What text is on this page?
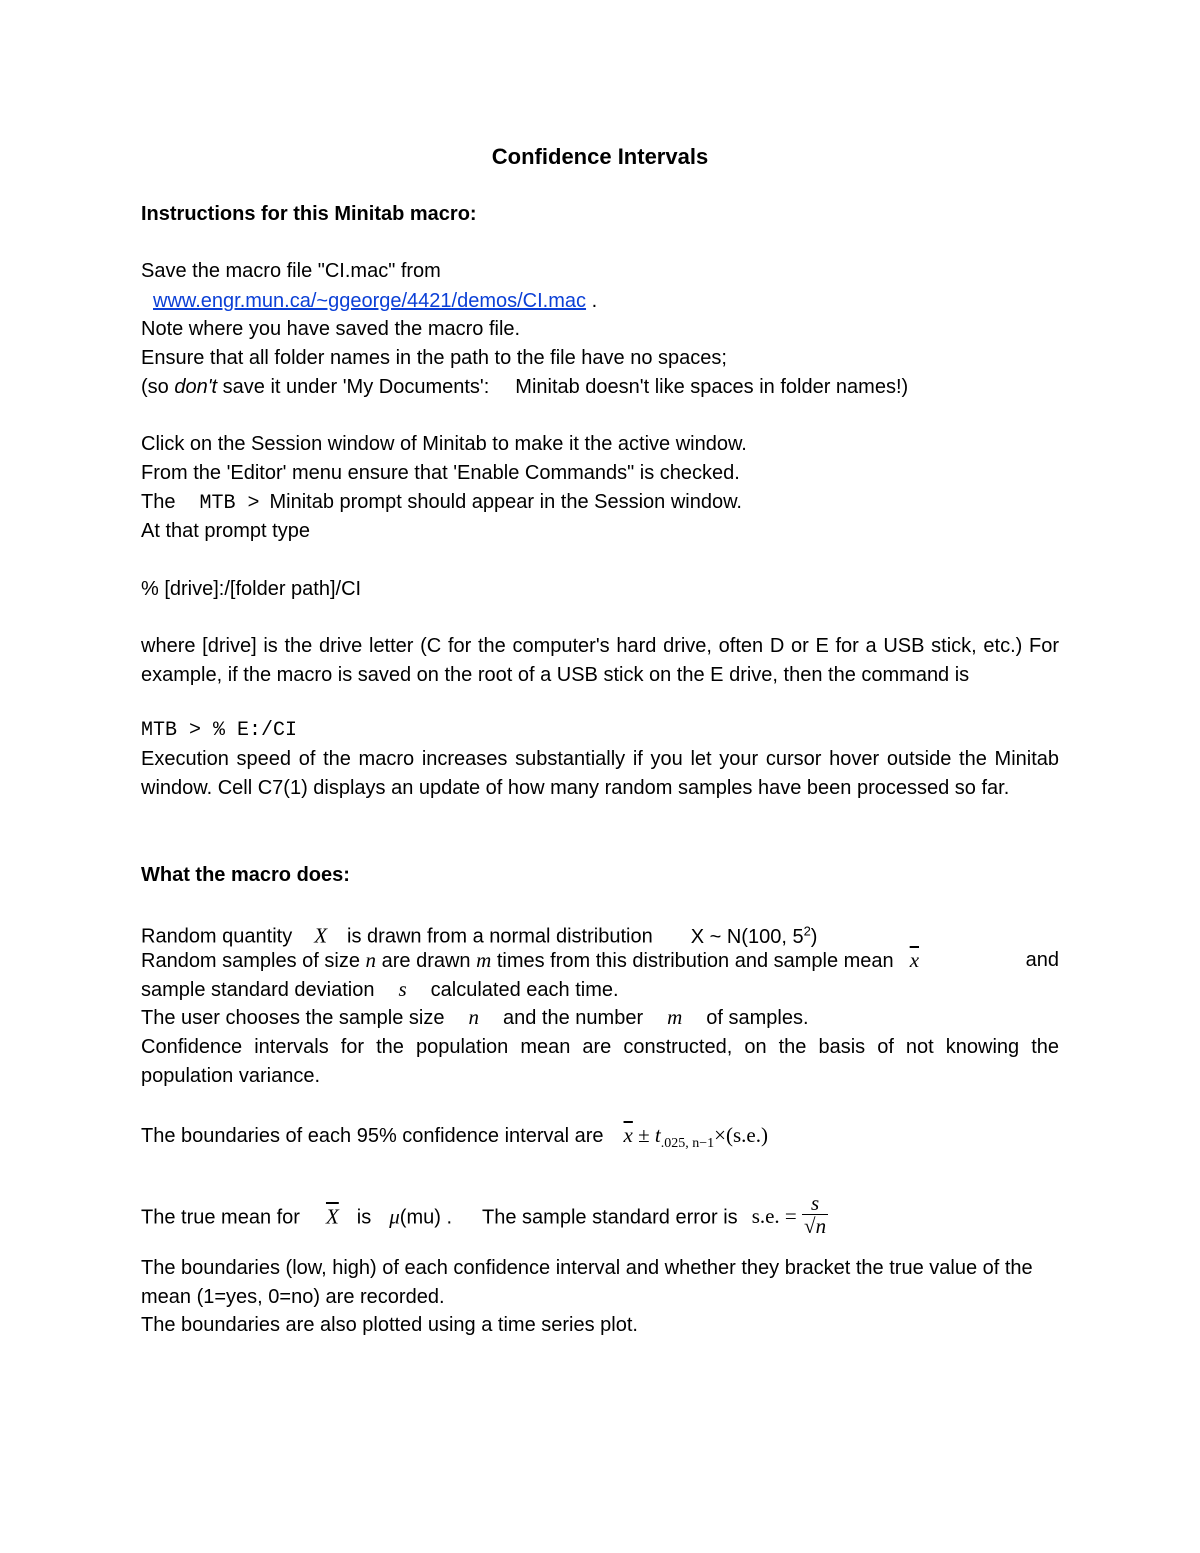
Confidence Intervals
Instructions for this Minitab macro:
Save the macro file "CI.mac" from
www.engr.mun.ca/~ggeorge/4421/demos/CI.mac .
Note where you have saved the macro file.
Ensure that all folder names in the path to the file have no spaces;
(so don't save it under 'My Documents': Minitab doesn't like spaces in folder names!)
Click on the Session window of Minitab to make it the active window.
From the 'Editor' menu ensure that 'Enable Commands" is checked.
The MTB > Minitab prompt should appear in the Session window.
At that prompt type
% [drive]:/[folder path]/CI
where [drive] is the drive letter (C for the computer's hard drive, often D or E for a USB stick, etc.) For example, if the macro is saved on the root of a USB stick on the E drive, then the command is
MTB > % E:/CI
Execution speed of the macro increases substantially if you let your cursor hover outside the Minitab window. Cell C7(1) displays an update of how many random samples have been processed so far.
What the macro does:
Random quantity X is drawn from a normal distribution X ~ N(100, $5^2$)
Random samples of size n are drawn m times from this distribution and sample mean $\overline{x}$	and
sample standard deviation s calculated each time.
The user chooses the sample size n and the number m of samples.
Confidence intervals for the population mean are constructed, on the basis of not knowing the population variance.
The boundaries of each 95% confidence interval are $\overline{x} \pm t_{.025, n-1}\times(s.e.)$
The true mean for $\overline{X}$ is μ(mu) . The sample standard error is s.e. = $\frac{s}{√n}$
The boundaries (low, high) of each confidence interval and whether they bracket the true value of the mean (1=yes, 0=no) are recorded.
The boundaries are also plotted using a time series plot.
